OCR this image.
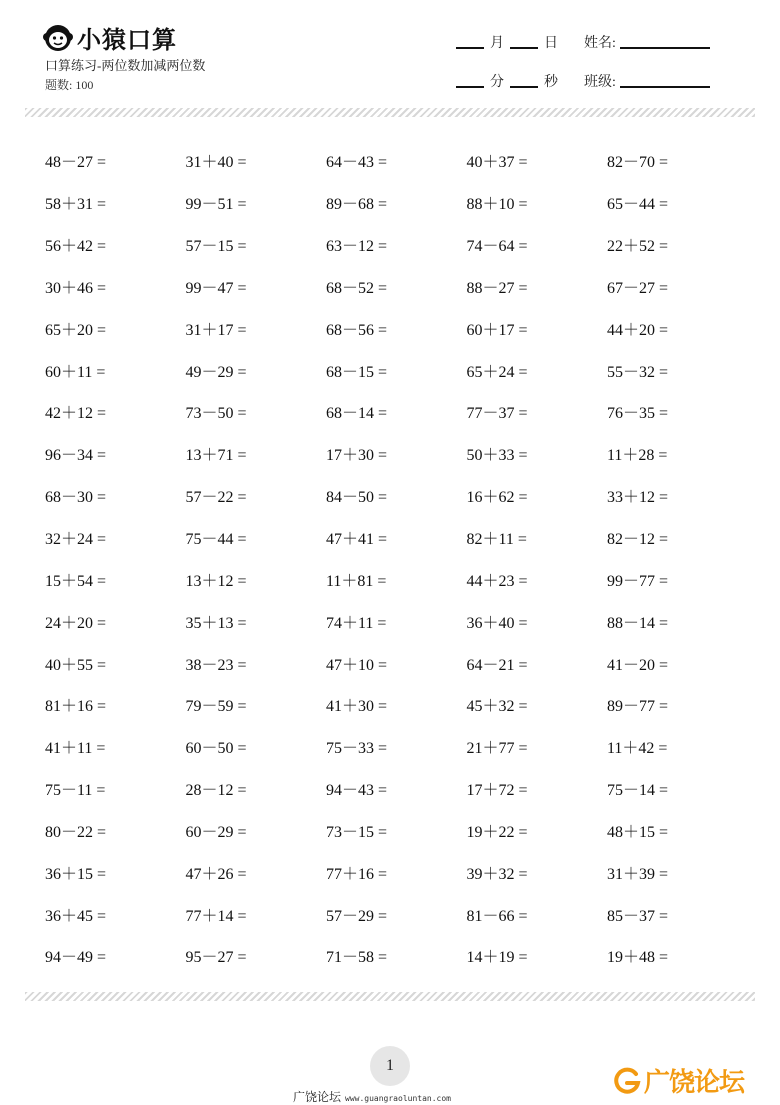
小猿口算
口算练习-两位数加减两位数
题数: 100
月	日
分	秒
姓名:
班级:
48－27 =	31＋40 =	64－43 =	40＋37 =	82－70 =
58＋31 =	99－51 =	89－68 =	88＋10 =	65－44 =
56＋42 =	57－15 =	63－12 =	74－64 =	22＋52 =
30＋46 =	99－47 =	68－52 =	88－27 =	67－27 =
65＋20 =	31＋17 =	68－56 =	60＋17 =	44＋20 =
60＋11 =	49－29 =	68－15 =	65＋24 =	55－32 =
42＋12 =	73－50 =	68－14 =	77－37 =	76－35 =
96－34 =	13＋71 =	17＋30 =	50＋33 =	11＋28 =
68－30 =	57－22 =	84－50 =	16＋62 =	33＋12 =
32＋24 =	75－44 =	47＋41 =	82＋11 =	82－12 =
15＋54 =	13＋12 =	11＋81 =	44＋23 =	99－77 =
24＋20 =	35＋13 =	74＋11 =	36＋40 =	88－14 =
40＋55 =	38－23 =	47＋10 =	64－21 =	41－20 =
81＋16 =	79－59 =	41＋30 =	45＋32 =	89－77 =
41＋11 =	60－50 =	75－33 =	21＋77 =	11＋42 =
75－11 =	28－12 =	94－43 =	17＋72 =	75－14 =
80－22 =	60－29 =	73－15 =	19＋22 =	48＋15 =
36＋15 =	47＋26 =	77＋16 =	39＋32 =	31＋39 =
36＋45 =	77＋14 =	57－29 =	81－66 =	85－37 =
94－49 =	95－27 =	71－58 =	14＋19 =	19＋48 =
1
广饶论坛 www.guangraoluntan.com
广饶论坛
